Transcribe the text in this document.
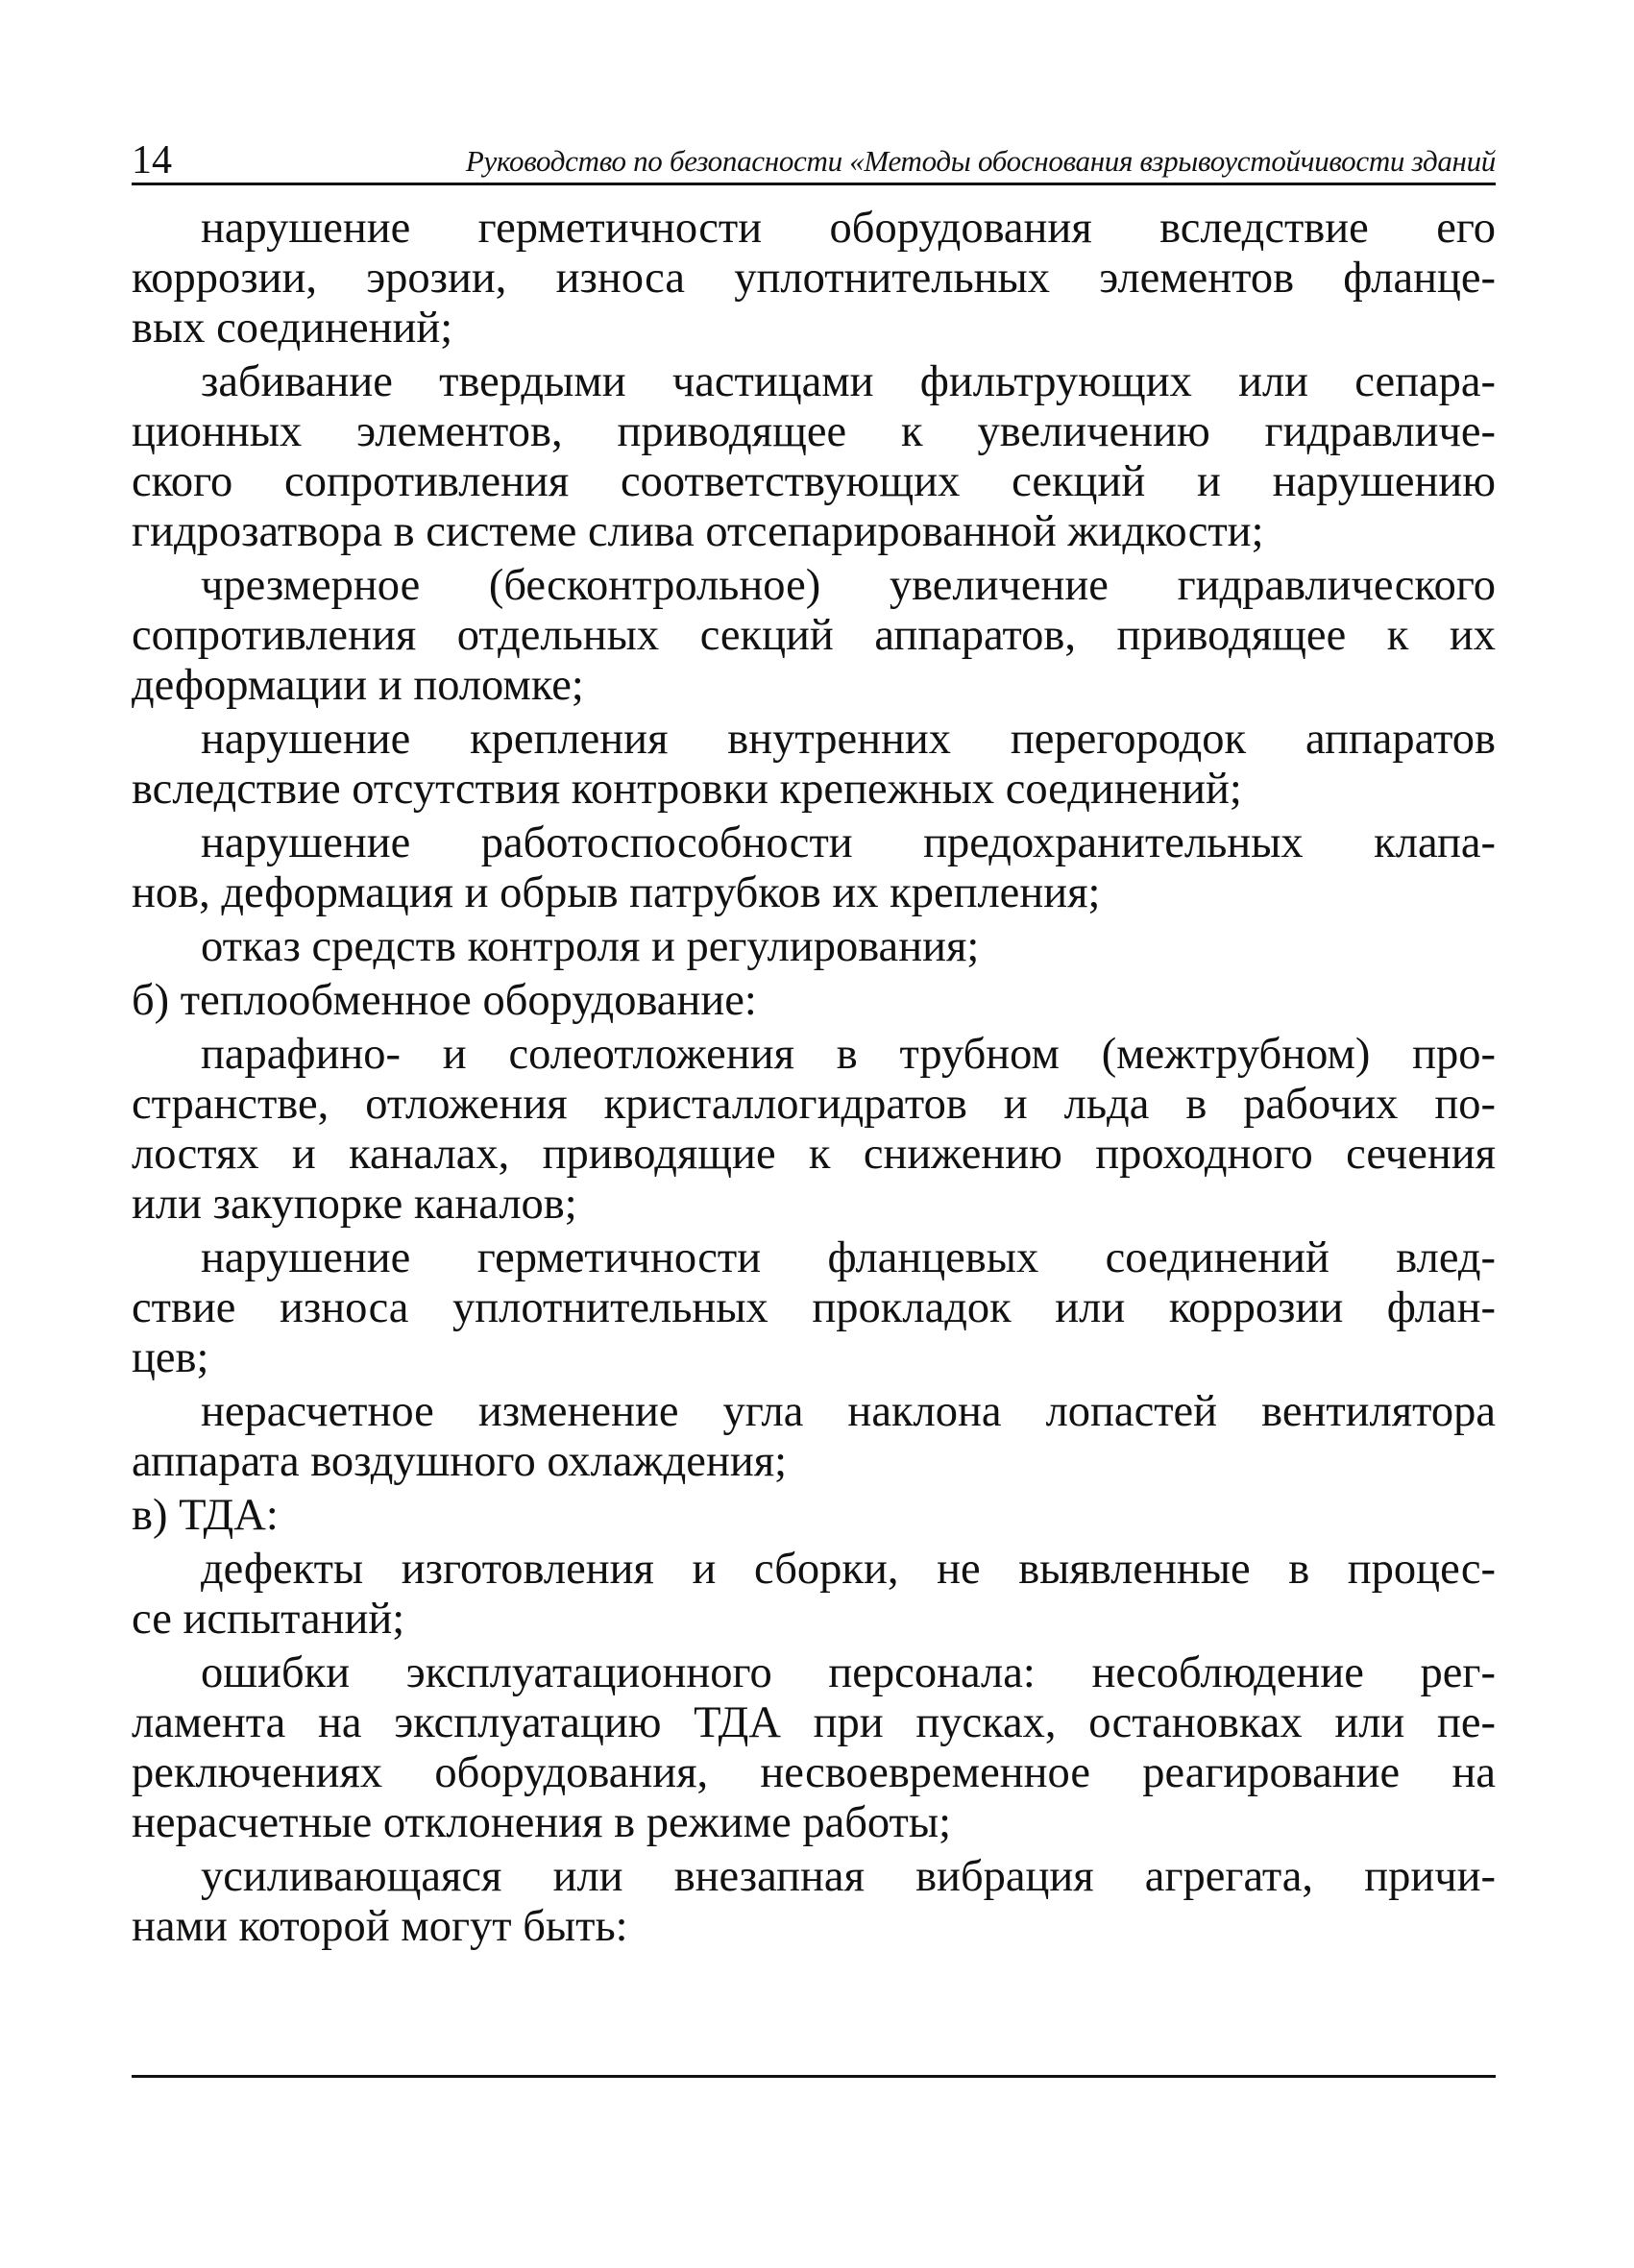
14	Руководство по безопасности «Методы обоснования взрывоустойчивости зданий
нарушение герметичности оборудования вследствие его
коррозии, эрозии, износа уплотнительных элементов фланце-
вых соединений;
забивание твердыми частицами фильтрующих или сепара-
ционных элементов, приводящее к увеличению гидравличе-
ского сопротивления соответствующих секций и нарушению
гидрозатвора в системе слива отсепарированной жидкости;
чрезмерное (бесконтрольное) увеличение гидравлического
сопротивления отдельных секций аппаратов, приводящее к их
деформации и поломке;
нарушение крепления внутренних перегородок аппаратов
вследствие отсутствия контровки крепежных соединений;
нарушение работоспособности предохранительных клапа-
нов, деформация и обрыв патрубков их крепления;
отказ средств контроля и регулирования;
б) теплообменное оборудование:
парафино- и солеотложения в трубном (межтрубном) про-
странстве, отложения кристаллогидратов и льда в рабочих по-
лостях и каналах, приводящие к снижению проходного сечения
или закупорке каналов;
нарушение герметичности фланцевых соединений влед-
ствие износа уплотнительных прокладок или коррозии флан-
цев;
нерасчетное изменение угла наклона лопастей вентилятора
аппарата воздушного охлаждения;
в) ТДА:
дефекты изготовления и сборки, не выявленные в процес-
се испытаний;
ошибки эксплуатационного персонала: несоблюдение рег-
ламента на эксплуатацию ТДА при пусках, остановках или пе-
реключениях оборудования, несвоевременное реагирование на
нерасчетные отклонения в режиме работы;
усиливающаяся или внезапная вибрация агрегата, причи-
нами которой могут быть:
